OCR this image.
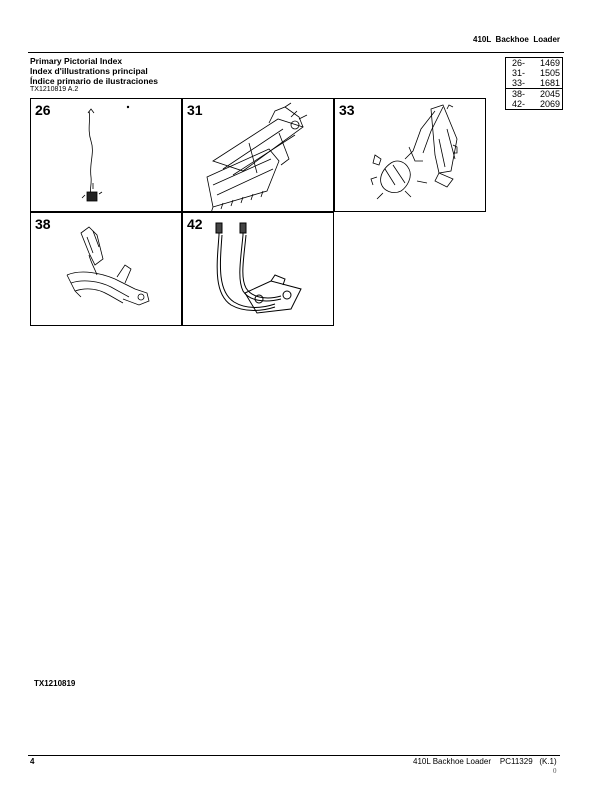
410L  Backhoe  Loader
Primary Pictorial Index
Index d'illustrations principal
Índice primario de ilustraciones
TX1210819 A.2
26-	1469
31-	1505
33-	1681
38-	2045
42-	2069
26	31	33
38	42
TX1210819
4	410L Backhoe Loader    PC11329   (K.1)
0
